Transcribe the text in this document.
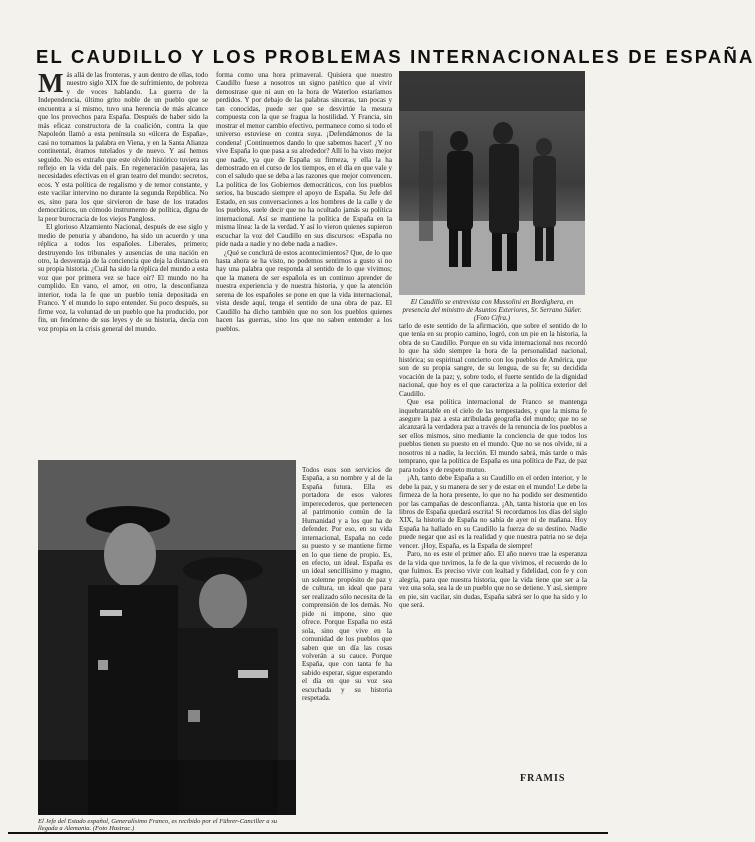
EL CAUDILLO Y LOS PROBLEMAS INTERNACIONALES DE ESPAÑA
M ás allá de las fronteras, y aun dentro de ellas, todo nuestro siglo XIX fue de sufrimiento, de pobreza y de voces hablando. La guerra de la Independencia, último grito noble de un pueblo que se encuentra a sí mismo, tuvo una herencia de más alcance que los provechos para España. Después de haber sido la más eficaz constructora de la coalición, contra la que Napoleón llamó a esta península su «úlcera de España», casi no tomamos la palabra en Viena, y en la Santa Alianza continental, éramos tutelados y de nuevo. Y así hemos seguido. No es extraño que este olvido histórico tuviera su reflejo en la vida del país. En regeneración pasajera, las necesidades efectivas en el gran teatro del mundo: secretos, ecos. Y esta política de regalismo y de temor constante, y este vacilar intervino no durante la segunda República. No es, sino para los que sirvieron de base de los tratados democráticos, un cómodo instrumento de política, digna de la peor burocracia de los viejos Pangloss.

El glorioso Alzamiento Nacional, después de ese siglo y medio de penuria y abandono, ha sido un acuerdo y una réplica a todos los españoles. Liberales, primero; destruyendo los tribunales y ausencias de una nación en otro, la desventaja de la conciencia que deja la distancia en su propia historia. ¿Cuál ha sido la réplica del mundo a esta voz que por primera vez se hace oír? El mundo no ha cumplido. En vano, el amor, en otro, la desconfianza interior, toda la fe que un pueblo tenía depositada en Franco. Y el mundo lo supo entender. Su poco después, su firme voz, la voluntad de un pueblo que ha producido, por fin, un fenómeno de sus leyes y de su historia, decía con voz propia en la crisis general del mundo.

forma como una hora primaveral. Quisiera que nuestro Caudillo fuese a nosotros un signo patético que al vivir demostrase que ni aun en la hora de Waterloo estaríamos perdidos. Y por debajo de las palabras sinceras, tan pocas y tan conocidas, puede ser que se desvirtúe la mesura compuesta con la que se fragua la hostilidad. Y Francia, sin mostrar el menor cambio efectivo, permanece como si todo el universo estuviese en contra suya. ¡Defendámonos de la condena! ¡Continuemos dando lo que sabemos hacer! ¿Y no vive España lo que pasa a su alrededor? Allí lo ha visto mejor que nadie, ya que de España su firmeza, y ella la ha demostrado en el curso de los tiempos, en el día en que vale y con el saludo que se deba a las razones que mejor convencen. La política de los Gobiernos democráticos, con los pueblos serios, ha buscado siempre el apoyo de España. Su Jefe del Estado, en sus conversaciones a los hombres de la calle y de los pueblos, suele decir que no ha ocultado jamás su política internacional. Así se mantiene la política de España en la misma línea: la de la verdad. Y así lo vieron quienes supieron escuchar la voz del Caudillo en sus discursos: «España no pide nada a nadie y no debe nada a nadie».

¿Qué se conclurá de estos acontecimientos? Que, de lo que hasta ahora se ha visto, no podemos sentirnos a gusto si no hay una palabra que responda al sentido de lo que vivimos; que la manera de ser española es un continuo aprender de nuestra experiencia y de nuestra historia, y que la atención serena de los españoles se pone en que la vida internacional, vista desde aquí, tenga el sentido de una obra de paz. El Caudillo ha dicho también que no son los pueblos quienes hacen las guerras, sino los que no saben entender a los pueblos.

El Caudillo se entrevista con Mussolini en Bordighera, en presencia del ministro de Asuntos Exteriores, Sr. Serrano Súñer. (Foto Cifra.)

tarlo de este sentido de la afirmación, que sobre el sentido de lo que tenía en su propio camino, logró, con un pie en la historia, la obra de su Caudillo. Porque en su vida internacional nos recordó lo que ha sido siempre la hora de la personalidad nacional, histórica; su espiritual concierto con los pueblos de América, que son de su propia sangre, de su lengua, de su fe; su decidida vocación de la paz; y, sobre todo, el fuerte sentido de la dignidad nacional, que hoy es el que caracteriza a la política exterior del Caudillo.

Que esa política internacional de Franco se mantenga inquebrantable en el cielo de las tempestades, y que la misma fe asegure la paz a esta atribulada geografía del mundo; que no se alcanzará la verdadera paz a través de la renuncia de los pueblos a ser ellos mismos, sino mediante la conciencia de que todos los pueblos tienen su puesto en el mundo. Que no se nos olvide, ni a nosotros ni a nadie, la lección. El mundo sabrá, más tarde o más temprano, que la política de España es una política de Paz, de paz para todos y de respeto mutuo.

¡Ah, tanto debe España a su Caudillo en el orden interior, y le debe la paz, y su manera de ser y de estar en el mundo! Le debe la firmeza de la hora presente, lo que no ha podido ser desmentido por las campañas de desconfianza. ¡Ah, tanta historia que en los libros de España quedará escrita! Si recordamos los días del siglo XIX, la historia de España no sabía de ayer ni de mañana. Hoy España ha hallado en su Caudillo la fuerza de su destino. Nadie puede negar que así es la realidad y que nuestra patria no se deja vencer. ¡Hoy, España, es la España de siempre!

Paro, no es este el primer año. El año nuevo trae la esperanza de la vida que tuvimos, la fe de la que vivimos, el recuerdo de lo que fuimos. Es preciso vivir con lealtad y fidelidad, con fe y con alegría, para que nuestra historia, que la vida tiene que ser a la vez una sola, sea la de un pueblo que no se detiene. Y así, siempre en pie, sin vacilar, sin dudas, España sabrá ser lo que ha sido y lo que será.

Todos esos son servicios de España, a su nombre y al de la España futura. Ella es portadora de esos valores imperecederos, que pertenecen al patrimonio común de la Humanidad y a los que ha de defender. Por eso, en su vida internacional, España no cede su puesto y se mantiene firme en lo que tiene de propio. Es, en efecto, un ideal. España es un ideal sencillísimo y magno, un solemne propósito de paz y de cultura, un ideal que para ser realizado sólo necesita de la comprensión de los demás. No pide ni impone, sino que ofrece. Porque España no está sola, sino que vive en la comunidad de los pueblos que saben que un día las cosas volverán a su cauce. Porque España, que con tanta fe ha sabido esperar, sigue esperando el día en que su voz sea escuchada y su historia respetada.

El Jefe del Estado español, Generalísimo Franco, es recibido por el Führer-Canciller a su llegada a Alemania. (Foto Hastrac.)
FRAMIS
